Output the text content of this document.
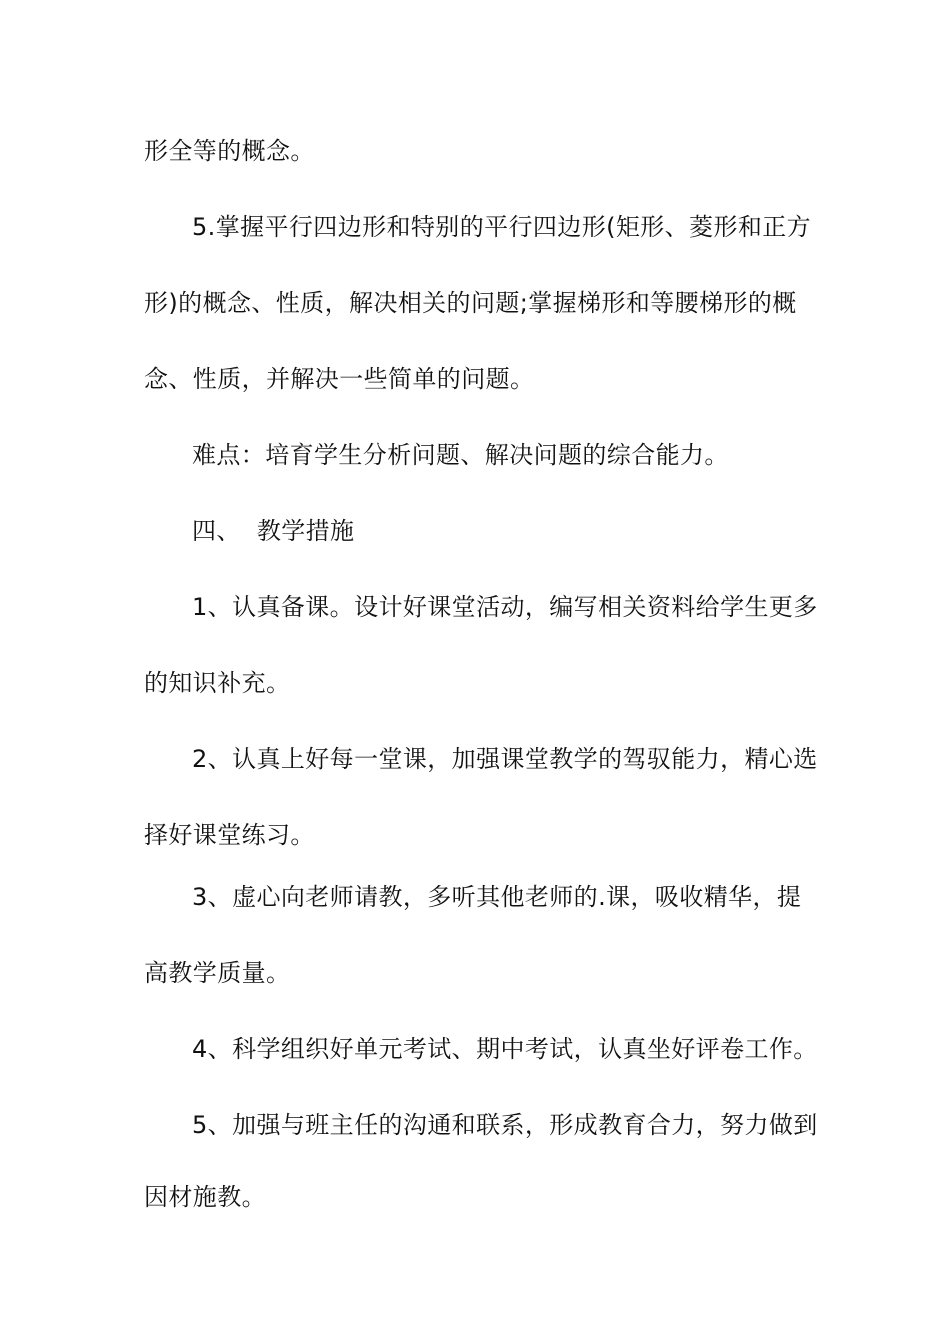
形全等的概念。
5.掌握平行四边形和特别的平行四边形(矩形、菱形和正方
形)的概念、性质，解决相关的问题;掌握梯形和等腰梯形的概
念、性质，并解决一些简单的问题。
难点：培育学生分析问题、解决问题的综合能力。
四、  教学措施
1、认真备课。设计好课堂活动，编写相关资料给学生更多
的知识补充。
2、认真上好每一堂课，加强课堂教学的驾驭能力，精心选
择好课堂练习。
3、虚心向老师请教，多听其他老师的.课，吸收精华，提
高教学质量。
4、科学组织好单元考试、期中考试，认真坐好评卷工作。
5、加强与班主任的沟通和联系，形成教育合力，努力做到
因材施教。
